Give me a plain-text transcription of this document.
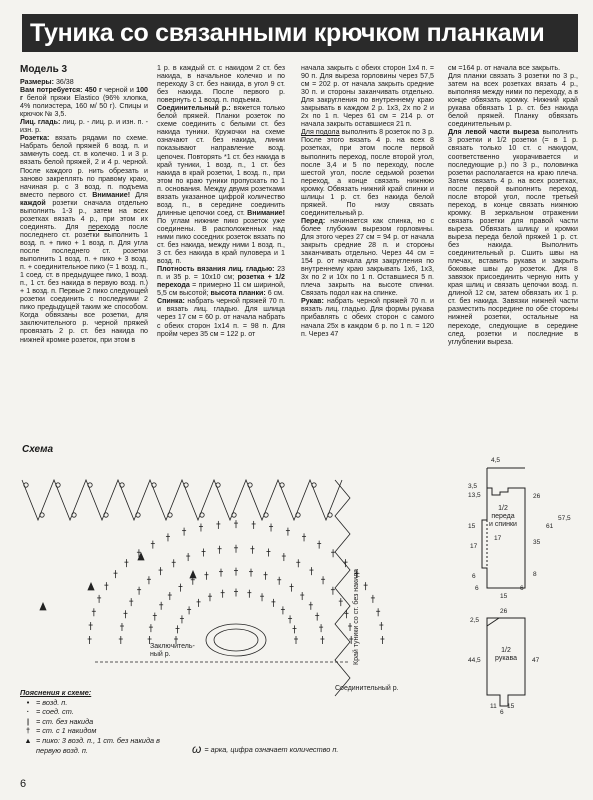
Туника со связанными крючком планками
Модель 3

Размеры: 36/38

Вам потребуется: 450 г черной и 100 г белой пряжи Elastico (96% хлопка, 4% полиэстера, 160 м/ 50 г). Спицы и крючок № 3,5.

Лиц. гладь: лиц. р. - лиц. р. и изн. п. - изн. р.

Розетка: вязать рядами по схеме. Набрать белой пряжей 6 возд. п. и замкнуть соед. ст. в колечко. 1 и 3 р. вязать белой пряжей, 2 и 4 р. черной. После каждого р. нить обрезать и заново закреплять по правому краю, начиная р. с 3 возд. п. подъема вместо первого ст. Внимание! Для каждой розетки сначала отдельно выполнить 1-3 р., затем на всех розетках вязать 4 р., при этом их соединять. Для перехода после последнего ст. розетки выполнить 1 возд. п. + пико + 1 возд. п. Для угла после последнего ст. розетки выполнить 1 возд. п. + пико + 3 возд. п. + соединительное пико (= 1 возд. п., 1 соед. ст. в предыдущее пико, 1 возд. п., 1 ст. без накида в первую возд. п.) + 1 возд. п. Первые 2 пико следующей розетки соединить с последними 2 пико предыдущей таким же способом. Когда обвязаны все розетки, для заключительного р. черной пряжей провязать 2 р. ст. без накида по нижней кромке розеток, при этом в

1 р. в каждый ст. с накидом 2 ст. без накида, в начальное колечко и по переходу 3 ст. без накида, в угол 9 ст. без накида. После первого р. повернуть с 1 возд. п. подъема.

Соединительный р.: вяжется только белой пряжей. Планки розеток по схеме соединить с белыми ст. без накида туники. Кружочки на схеме означают ст. без накида, линии показывают направление возд. цепочек. Повторять *1 ст. без накида в край туники, 1 возд. п., 1 ст. без накида в край розетки, 1 возд. п., при этом по краю туники пропускать по 1 п. основания. Между двумя розетками вязать указанное цифрой количество возд. п., в середине соединить длинные цепочки соед. ст. Внимание! По углам нижние пико розеток уже соединены. В расположенных над ними пико соседних розеток вязать по ст. без накида, между ними 1 возд. п., 3 ст. без накида в край пуловера и 1 возд. п.

Плотность вязания лиц. гладью: 23 п. и 35 р. = 10х10 см; розетка + 1/2 перехода = примерно 11 см шириной, 5,5 см высотой; высота планки: 6 см.

Спинка: набрать черной пряжей 70 п. и вязать лиц. гладью. Для шлица через 17 см = 60 р. от начала набрать с обеих сторон 1х14 п. = 98 п. Для пройм через 35 см = 122 р. от

начала закрыть с обеих сторон 1х4 п. = 90 п. Для выреза горловины через 57,5 см = 202 р. от начала закрыть средние 30 п. и стороны заканчивать отдельно. Для закругления по внутреннему краю закрывать в каждом 2 р. 1х3, 2х по 2 и 2х по 1 п. Через 61 см = 214 р. от начала закрыть оставшиеся 21 п.

Для подола выполнить 8 розеток по 3 р. После этого вязать 4 р. на всех 8 розетках, при этом после первой выполнить переход, после второй угол, после 3,4 и 5 по переходу, после шестой угол, после седьмой розетки переход, а конце связать нижнюю кромку. Обвязать нижний край спинки и шлицы 1 р. ст. без накида белой пряжей. По низу связать соединительный р.

Перед: начинается как спинка, но с более глубоким вырезом горловины. Для этого через 27 см = 94 р. от начала закрыть средние 28 п. и стороны заканчивать отдельно. Через 44 см = 154 р. от начала для закругления по внутреннему краю закрывать 1х6, 1х3, 3х по 2 и 10х по 1 п. Оставшиеся 5 п. плеча закрыть на высоте спинки. Связать подол как на спинке.

Рукав: набрать черной пряжей 70 п. и вязать лиц. гладью. Для формы рукава прибавлять с обеих сторон с самого начала 25х в каждом 6 р. по 1 п. = 120 п. Через 47

см =164 р. от начала все закрыть.

Для планки связать 3 розетки по 3 р., затем на всех розетках вязать 4 р., выполняя между ними по переходу, а в конце обвязать кромку. Нижний край рукава обвязать 1 р. ст. без накида белой пряжей. Планку обвязать соединительным р.

Для левой части выреза выполнить 3 розетки и 1/2 розетки (= в 1 р. связать только 10 ст. с накидом, соответственно укорачивается и последующие р.) по 3 р., половинка розетки располагается на краю плеча. Затем связать 4 р. на всех розетках, после первой выполнить переход, после второй угол, после третьей переход, в конце связать нижнюю кромку. В зеркальном отражении связать розетки для правой части выреза. Обвязать шлицу и кромки выреза переда белой пряжей 1 р. ст. без накида. Выполнить соединительный р. Сшить швы на плечах, вставить рукава и закрыть боковые швы до розеток. Для 8 завязок присоединить черную нить у края шлиц и связать цепочки возд. п. длиной 12 см, затем обвязать их 1 р. ст. без накида. Завязки нижней части разместить посредине по обе стороны нижней розетки, остальные на переходе, следующие в середине след. розетки и последние в углублении выреза.

Схема
Заключитель-
ный р.
Соединительный р.
Край туники со ст. без накида
1/2 переда и спинки
1/2 рукава
3,5
13,5
4,5
15
6
26
17
17
35
61
57,5
8
6
15
6
26
2,5
44,5	47
6
11 15
Пояснения к схеме:
• = возд. п.
· = соед. ст.
| = ст. без накида
† = ст. с 1 накидом
▲ = пико: 3 возд. п., 1 ст. без накида в первую возд. п.	ω = арка, цифра означает количество п.
6
